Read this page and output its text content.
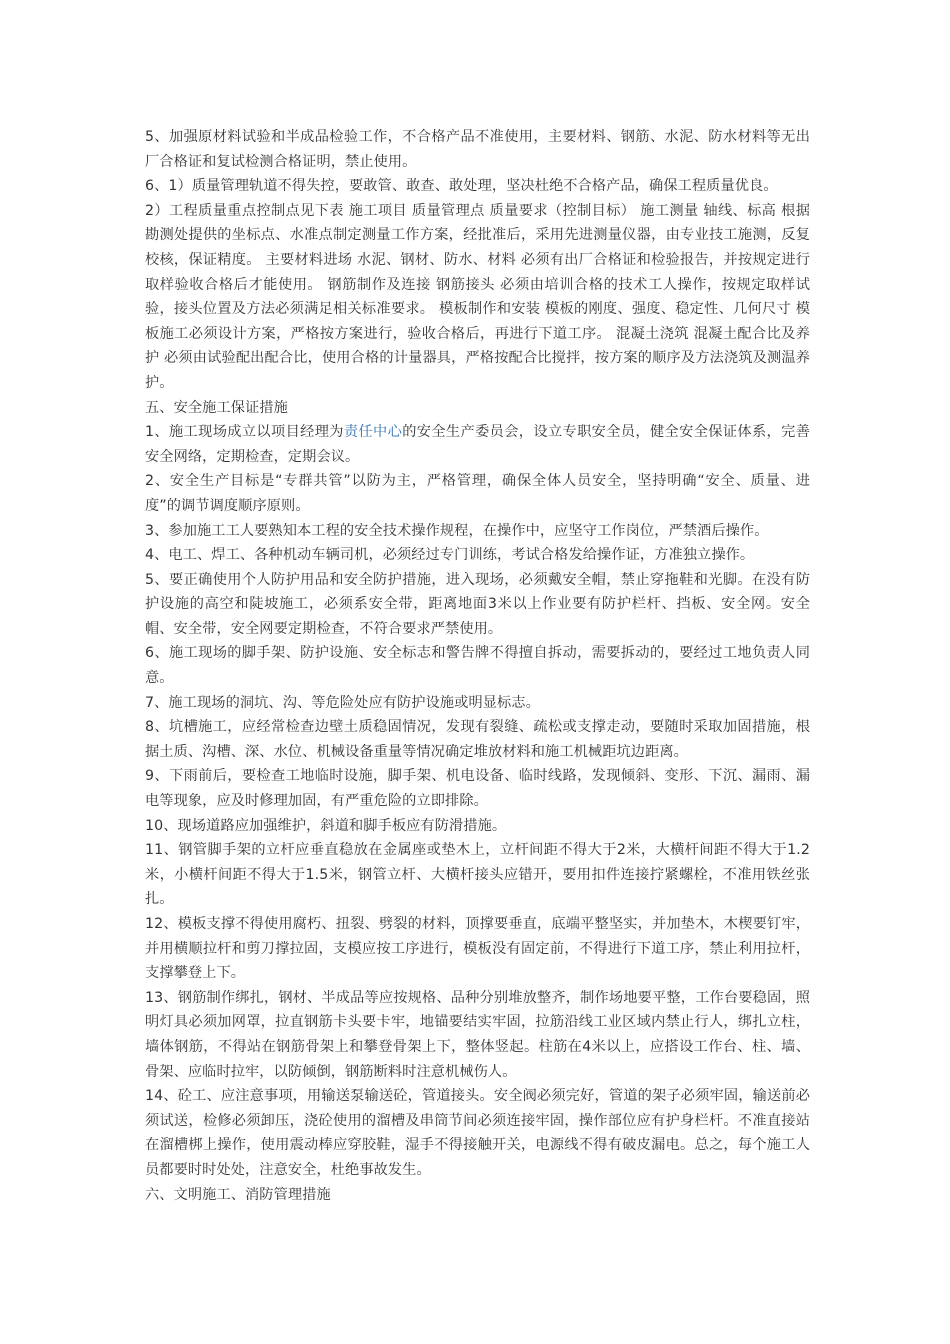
5、加强原材料试验和半成品检验工作，不合格产品不准使用，主要材料、钢筋、水泥、防水材料等无出厂合格证和复试检测合格证明，禁止使用。

6、1）质量管理轨道不得失控，要敢管、敢查、敢处理，坚决杜绝不合格产品，确保工程质量优良。

2）工程质量重点控制点见下表 施工项目 质量管理点 质量要求（控制目标） 施工测量 轴线、标高 根据勘测处提供的坐标点、水准点制定测量工作方案，经批准后，采用先进测量仪器，由专业技工施测，反复校核，保证精度。 主要材料进场 水泥、钢材、防水、材料 必须有出厂合格证和检验报告，并按规定进行取样验收合格后才能使用。 钢筋制作及连接 钢筋接头 必须由培训合格的技术工人操作，按规定取样试验，接头位置及方法必须满足相关标准要求。 模板制作和安装 模板的刚度、强度、稳定性、几何尺寸 模板施工必须设计方案，严格按方案进行，验收合格后，再进行下道工序。 混凝土浇筑 混凝土配合比及养护 必须由试验配出配合比，使用合格的计量器具，严格按配合比搅拌，按方案的顺序及方法浇筑及测温养护。

五、安全施工保证措施

1、施工现场成立以项目经理为责任中心的安全生产委员会，设立专职安全员，健全安全保证体系，完善安全网络，定期检查，定期会议。

2、安全生产目标是“专群共管”以防为主，严格管理，确保全体人员安全，坚持明确“安全、质量、进度”的调节调度顺序原则。

3、参加施工工人要熟知本工程的安全技术操作规程，在操作中，应坚守工作岗位，严禁酒后操作。

4、电工、焊工、各种机动车辆司机，必须经过专门训练，考试合格发给操作证，方准独立操作。

5、要正确使用个人防护用品和安全防护措施，进入现场，必须戴安全帽，禁止穿拖鞋和光脚。在没有防护设施的高空和陡坡施工，必须系安全带，距离地面3米以上作业要有防护栏杆、挡板、安全网。安全帽、安全带，安全网要定期检查，不符合要求严禁使用。

6、施工现场的脚手架、防护设施、安全标志和警告牌不得擅自拆动，需要拆动的，要经过工地负责人同意。

7、施工现场的洞坑、沟、等危险处应有防护设施或明显标志。

8、坑槽施工，应经常检查边壁土质稳固情况，发现有裂缝、疏松或支撑走动，要随时采取加固措施，根据土质、沟槽、深、水位、机械设备重量等情况确定堆放材料和施工机械距坑边距离。

9、下雨前后，要检查工地临时设施，脚手架、机电设备、临时线路，发现倾斜、变形、下沉、漏雨、漏电等现象，应及时修理加固，有严重危险的立即排除。

10、现场道路应加强维护，斜道和脚手板应有防滑措施。

11、钢管脚手架的立杆应垂直稳放在金属座或垫木上，立杆间距不得大于2米，大横杆间距不得大于1.2米，小横杆间距不得大于1.5米，钢管立杆、大横杆接头应错开，要用扣件连接拧紧螺栓，不准用铁丝张扎。

12、模板支撑不得使用腐朽、扭裂、劈裂的材料，顶撑要垂直，底端平整坚实，并加垫木，木楔要钉牢，并用横顺拉杆和剪刀撑拉固，支模应按工序进行，模板没有固定前，不得进行下道工序，禁止利用拉杆，支撑攀登上下。

13、钢筋制作绑扎，钢材、半成品等应按规格、品种分别堆放整齐，制作场地要平整，工作台要稳固，照明灯具必须加网罩，拉直钢筋卡头要卡牢，地锚要结实牢固，拉筋沿线工业区域内禁止行人，绑扎立柱，墙体钢筋，不得站在钢筋骨架上和攀登骨架上下，整体竖起。柱筋在4米以上，应搭设工作台、柱、墙、骨架、应临时拉牢，以防倾倒，钢筋断料时注意机械伤人。

14、砼工、应注意事项，用输送泵输送砼，管道接头。安全阀必须完好，管道的架子必须牢固，输送前必须试送，检修必须卸压，浇砼使用的溜槽及串筒节间必须连接牢固，操作部位应有护身栏杆。不准直接站在溜槽梆上操作，使用震动棒应穿胶鞋，湿手不得接触开关，电源线不得有破皮漏电。总之，每个施工人员都要时时处处，注意安全，杜绝事故发生。

六、文明施工、消防管理措施
